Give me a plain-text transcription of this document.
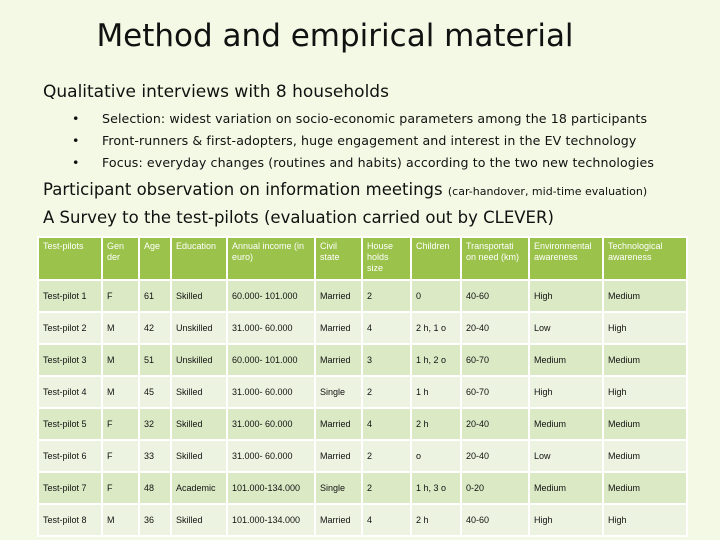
Method and empirical material
Qualitative interviews with 8 households
• Selection: widest variation on socio-economic parameters among the 18 participants
• Front-runners & first-adopters, huge engagement and interest in the EV technology
• Focus: everyday changes (routines and habits) according to the two new technologies
Participant observation on information meetings (car-handover, mid-time evaluation)
A Survey to the test-pilots (evaluation carried out by CLEVER)
Test-pilots	Gen der	Age	Education	Annual income (in euro)	Civil state	House holds size	Children	Transportati on need (km)	Environmental awareness	Technological awareness
Test-pilot 1	F	61	Skilled	60.000- 101.000	Married	2	0	40-60	High	Medium
Test-pilot 2	M	42	Unskilled	31.000- 60.000	Married	4	2 h, 1 o	20-40	Low	High
Test-pilot 3	M	51	Unskilled	60.000- 101.000	Married	3	1 h, 2 o	60-70	Medium	Medium
Test-pilot 4	M	45	Skilled	31.000- 60.000	Single	2	1 h	60-70	High	High
Test-pilot 5	F	32	Skilled	31.000- 60.000	Married	4	2 h	20-40	Medium	Medium
Test-pilot 6	F	33	Skilled	31.000- 60.000	Married	2	o	20-40	Low	Medium
Test-pilot 7	F	48	Academic	101.000-134.000	Single	2	1 h, 3 o	0-20	Medium	Medium
Test-pilot 8	M	36	Skilled	101.000-134.000	Married	4	2 h	40-60	High	High
